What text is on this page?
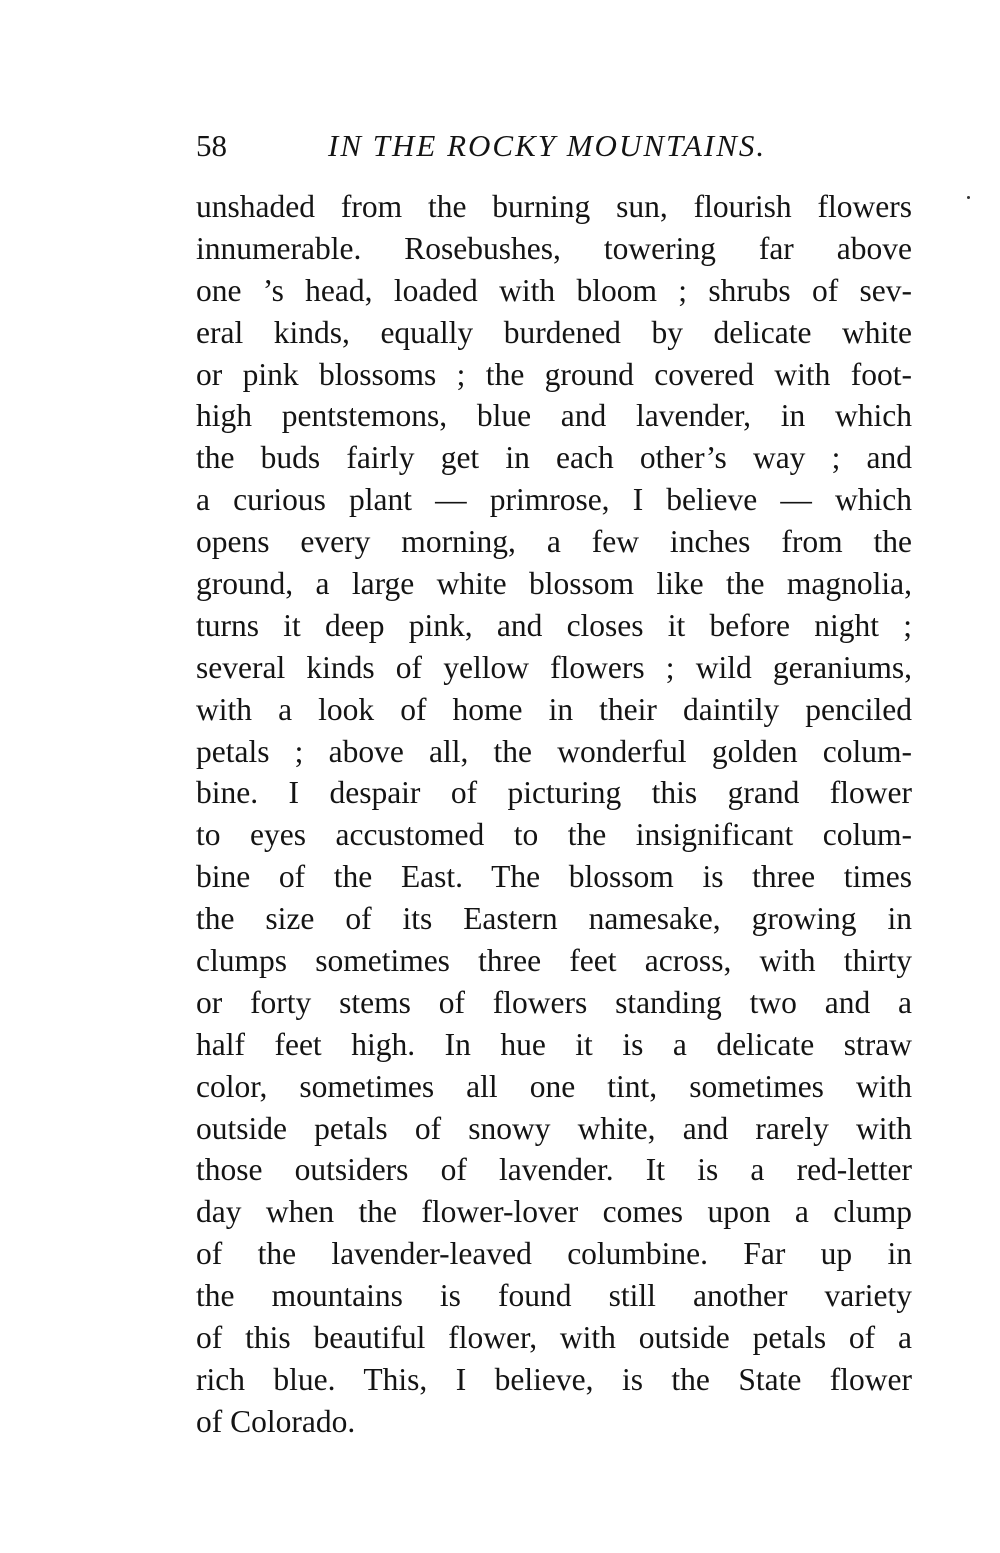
58	IN THE ROCKY MOUNTAINS.
unshaded from the burning sun, flourish flowers
innumerable. Rosebushes, towering far above
one ’s head, loaded with bloom ; shrubs of sev-
eral kinds, equally burdened by delicate white
or pink blossoms ; the ground covered with foot-
high pentstemons, blue and lavender, in which
the buds fairly get in each other’s way ; and
a curious plant — primrose, I believe — which
opens every morning, a few inches from the
ground, a large white blossom like the magnolia,
turns it deep pink, and closes it before night ;
several kinds of yellow flowers ; wild geraniums,
with a look of home in their daintily penciled
petals ; above all, the wonderful golden colum-
bine. I despair of picturing this grand flower
to eyes accustomed to the insignificant colum-
bine of the East. The blossom is three times
the size of its Eastern namesake, growing in
clumps sometimes three feet across, with thirty
or forty stems of flowers standing two and a
half feet high. In hue it is a delicate straw
color, sometimes all one tint, sometimes with
outside petals of snowy white, and rarely with
those outsiders of lavender. It is a red-letter
day when the flower-lover comes upon a clump
of the lavender-leaved columbine. Far up in
the mountains is found still another variety
of this beautiful flower, with outside petals of a
rich blue. This, I believe, is the State flower
of Colorado.
